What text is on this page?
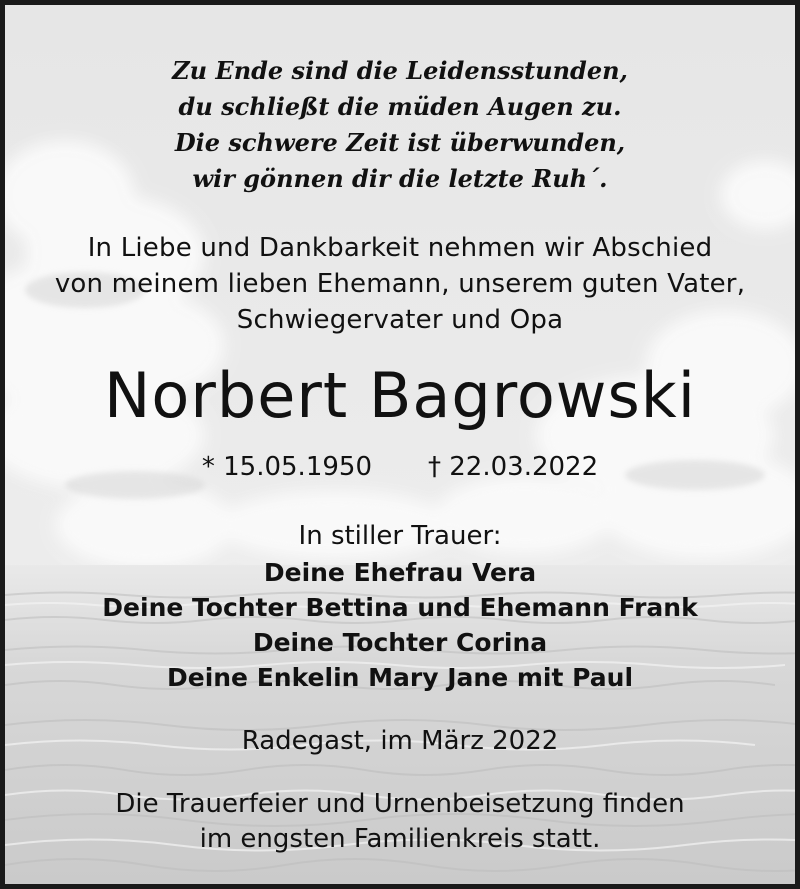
Zu Ende sind die Leidensstunden,
du schließt die müden Augen zu.
Die schwere Zeit ist überwunden,
wir gönnen dir die letzte Ruh´.
In Liebe und Dankbarkeit nehmen wir Abschied
von meinem lieben Ehemann, unserem guten Vater,
Schwiegervater und Opa
Norbert Bagrowski
* 15.05.1950 † 22.03.2022
In stiller Trauer:
Deine Ehefrau Vera
Deine Tochter Bettina und Ehemann Frank
Deine Tochter Corina
Deine Enkelin Mary Jane mit Paul
Radegast, im März 2022
Die Trauerfeier und Urnenbeisetzung finden
im engsten Familienkreis statt.
